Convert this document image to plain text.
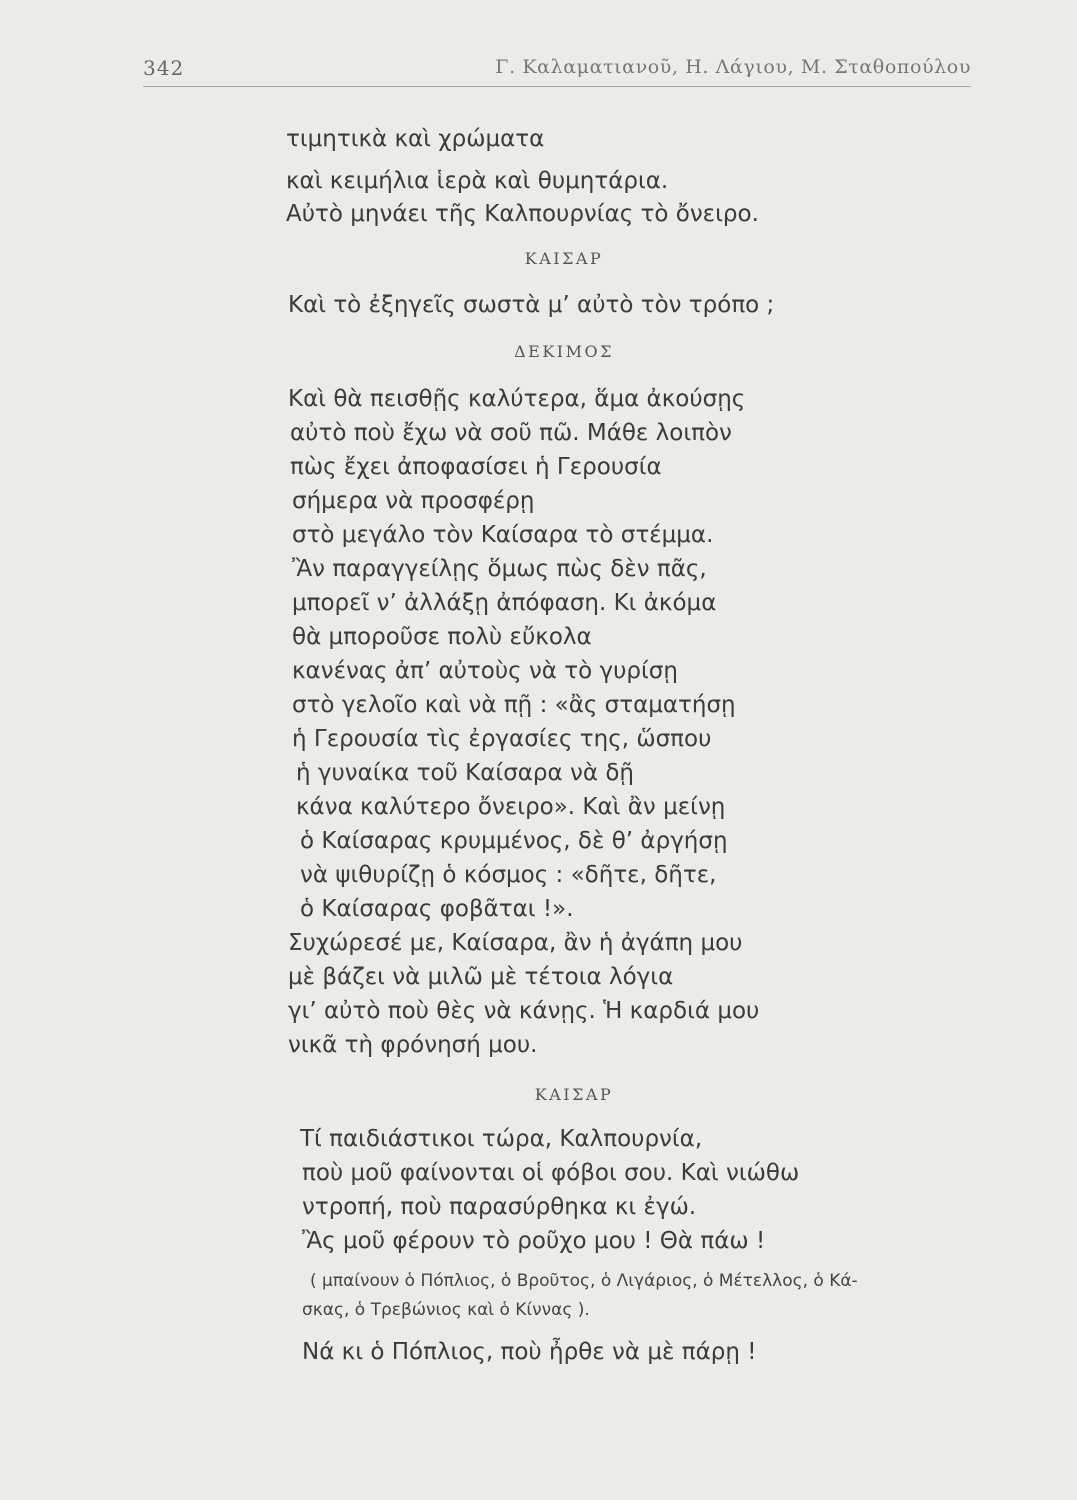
342	Γ. Καλαματιανοῦ, Η. Λάγιου, Μ. Σταθοπούλου
τιμητικὰ καὶ χρώματα
καὶ κειμήλια ἱερὰ καὶ θυμητάρια.
Αὐτὸ μηνάει τῆς Καλπουρνίας τὸ ὄνειρο.
ΚΑΙΣΑΡ
Καὶ τὸ ἐξηγεῖς σωστὰ μ’ αὐτὸ τὸν τρόπο ;
ΔΕΚΙΜΟΣ
Καὶ θὰ πεισθῇς καλύτερα, ἅμα ἀκούσῃς
αὐτὸ ποὺ ἔχω νὰ σοῦ πῶ. Μάθε λοιπὸν
πὼς ἔχει ἀποφασίσει ἡ Γερουσία
σήμερα νὰ προσφέρῃ
στὸ μεγάλο τὸν Καίσαρα τὸ στέμμα.
Ἂν παραγγείλῃς ὅμως πὼς δὲν πᾶς,
μπορεῖ ν’ ἀλλάξῃ ἀπόφαση. Κι ἀκόμα
θὰ μποροῦσε πολὺ εὔκολα
κανένας ἀπ’ αὐτοὺς νὰ τὸ γυρίσῃ
στὸ γελοῖο καὶ νὰ πῇ : «ἂς σταματήσῃ
ἡ Γερουσία τὶς ἐργασίες της, ὥσπου
ἡ γυναίκα τοῦ Καίσαρα νὰ δῇ
κάνα καλύτερο ὄνειρο». Καὶ ἂν μείνῃ
ὁ Καίσαρας κρυμμένος, δὲ θ’ ἀργήσῃ
νὰ ψιθυρίζῃ ὁ κόσμος : «δῆτε, δῆτε,
ὁ Καίσαρας φοβᾶται !».
Συχώρεσέ με, Καίσαρα, ἂν ἡ ἀγάπη μου
μὲ βάζει νὰ μιλῶ μὲ τέτοια λόγια
γι’ αὐτὸ ποὺ θὲς νὰ κάνῃς. Ἡ καρδιά μου
νικᾶ τὴ φρόνησή μου.
ΚΑΙΣΑΡ
Τί παιδιάστικοι τώρα, Καλπουρνία,
ποὺ μοῦ φαίνονται οἱ φόβοι σου. Καὶ νιώθω
ντροπή, ποὺ παρασύρθηκα κι ἐγώ.
Ἂς μοῦ φέρουν τὸ ροῦχο μου ! Θὰ πάω !
( μπαίνουν ὁ Πόπλιος, ὁ Βροῦτος, ὁ Λιγάριος, ὁ Μέτελλος, ὁ Κά-
σκας, ὁ Τρεβώνιος καὶ ὁ Κίννας ).
Νά κι ὁ Πόπλιος, ποὺ ἦρθε νὰ μὲ πάρῃ !
